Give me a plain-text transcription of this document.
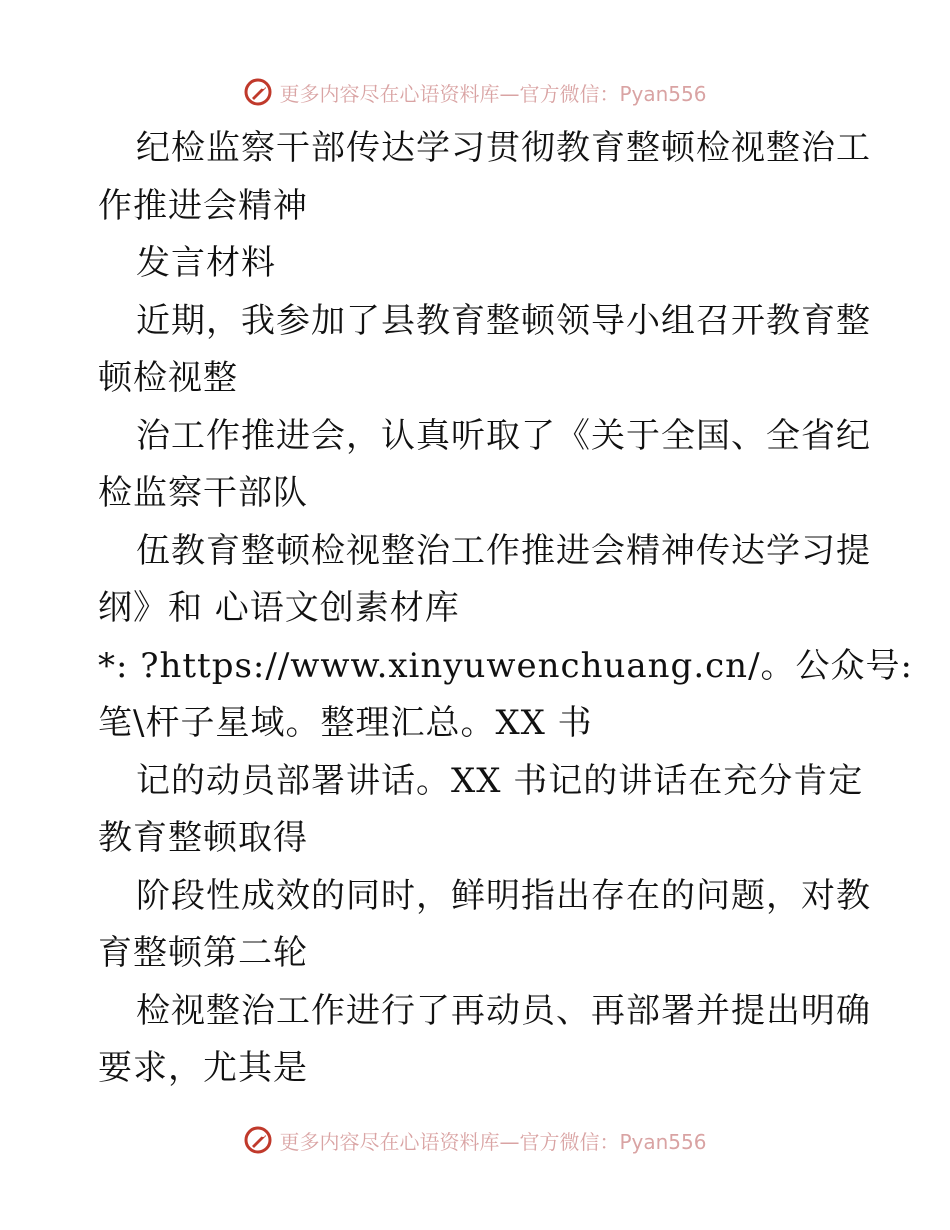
更多内容尽在心语资料库—官方微信：Pyan556
纪检监察干部传达学习贯彻教育整顿检视整治工
作推进会精神
发言材料
近期，我参加了县教育整顿领导小组召开教育整
顿检视整
治工作推进会，认真听取了《关于全国、全省纪
检监察干部队
伍教育整顿检视整治工作推进会精神传达学习提
纲》和 心语文创素材库
*: ?https://www.xinyuwenchuang.cn/。公众号:
笔\杆子星域。整理汇总。XX 书
记的动员部署讲话。XX 书记的讲话在充分肯定
教育整顿取得
阶段性成效的同时，鲜明指出存在的问题，对教
育整顿第二轮
检视整治工作进行了再动员、再部署并提出明确
要求，尤其是
更多内容尽在心语资料库—官方微信：Pyan556
